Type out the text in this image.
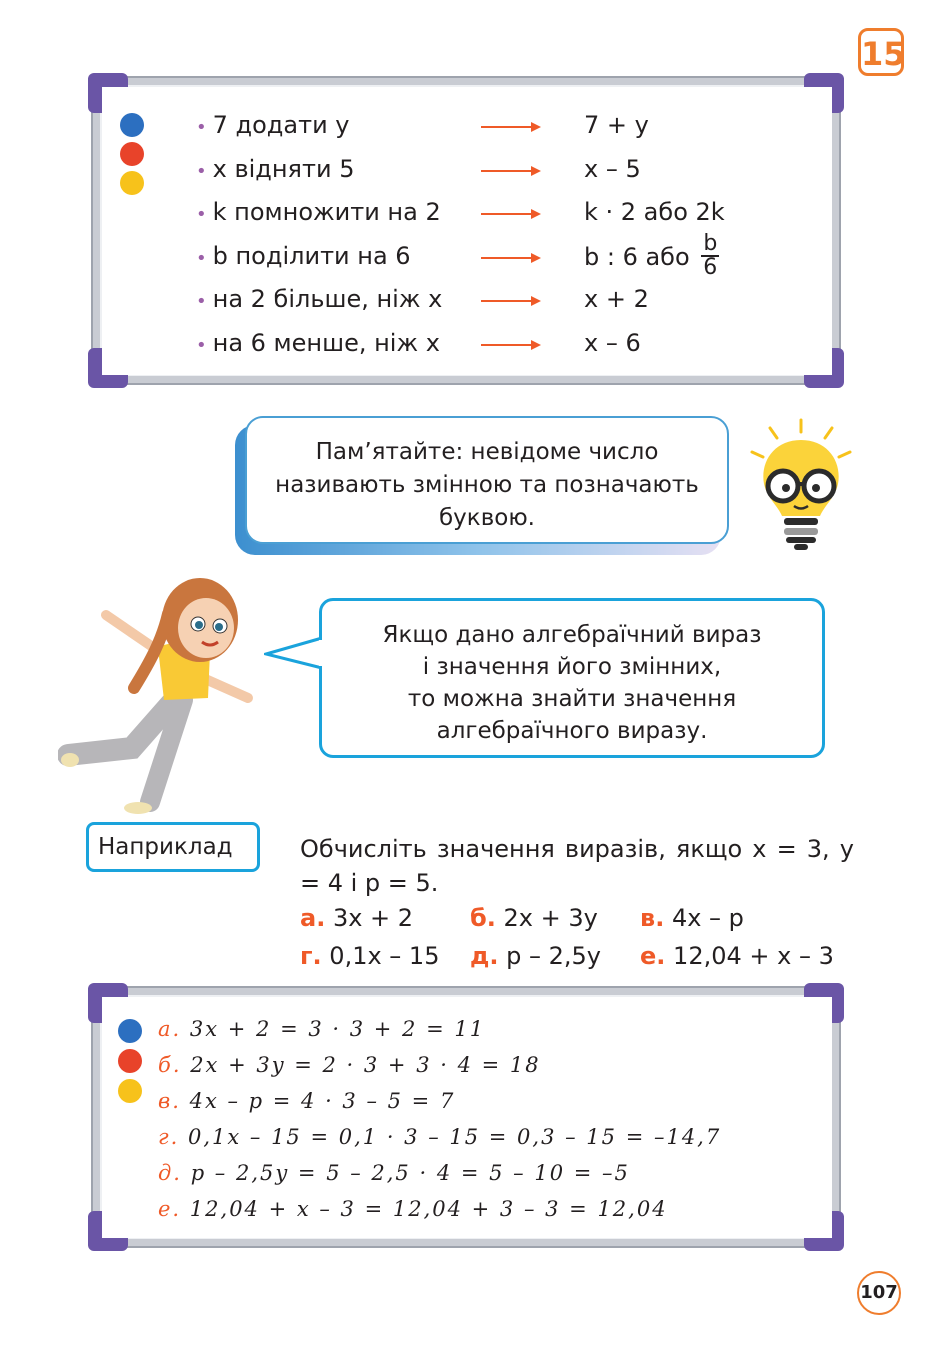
15
• 7 додати y	7 + y
• x відняти 5	x – 5
• k помножити на 2	k · 2 або 2k
• b поділити на 6	b : 6 або $\frac{b}{6}$
• на 2 більше, ніж x	x + 2
• на 6 менше, ніж x	x – 6
Пам’ятайте: невідоме число
називають змінною та позначають
буквою.
Якщо дано алгебраїчний вираз
і значення його змінних,
то можна знайти значення
алгебраїчного виразу.
Наприклад	Обчисліть значення виразів, якщо x = 3, y = 4 і p = 5.
а. 3x + 2 б. 2x + 3y в. 4x – p
г. 0,1x – 15 д. p – 2,5y е. 12,04 + x – 3
а. 3x + 2 = 3 · 3 + 2 = 11
б. 2x + 3y = 2 · 3 + 3 · 4 = 18
в. 4x – p = 4 · 3 – 5 = 7
г. 0,1x – 15 = 0,1 · 3 – 15 = 0,3 – 15 = –14,7
д. p – 2,5y = 5 – 2,5 · 4 = 5 – 10 = –5
е. 12,04 + x – 3 = 12,04 + 3 – 3 = 12,04
107
